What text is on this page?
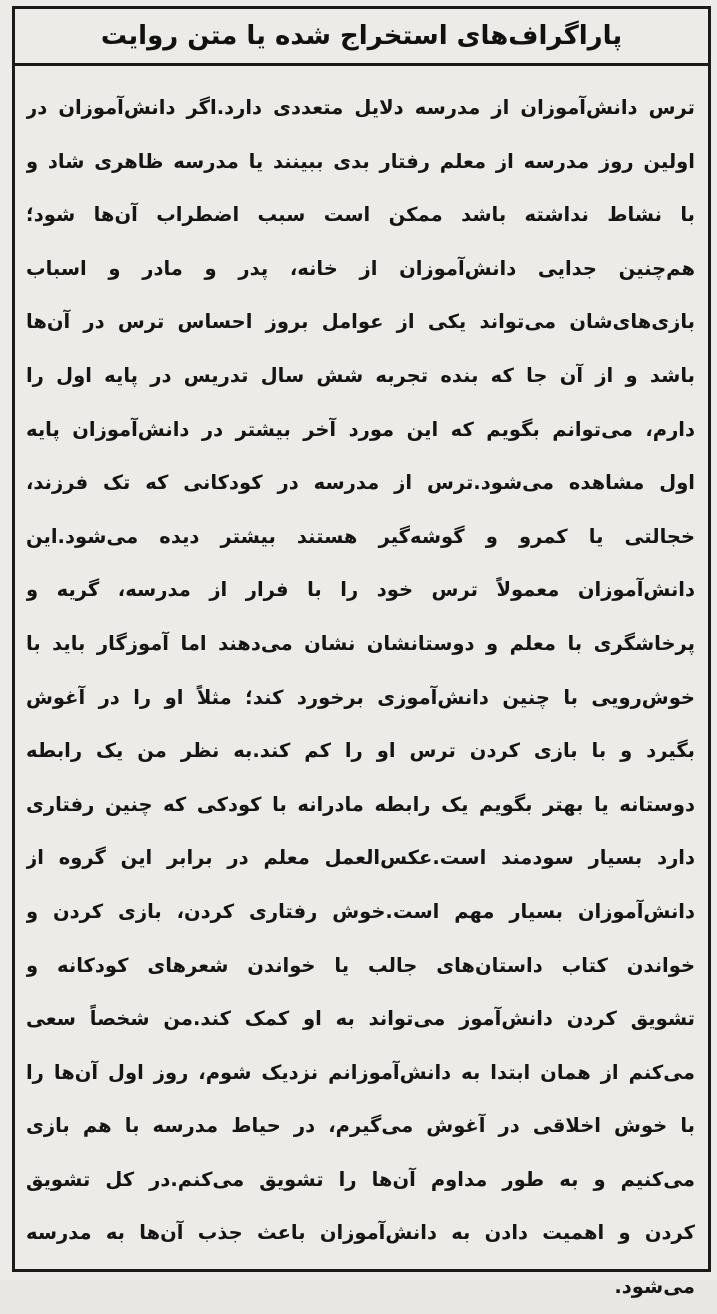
پاراگراف‌های استخراج شده یا متن روایت
ترس دانش‌آموزان از مدرسه دلایل متعددی دارد.اگر دانش‌آموزان در
اولین روز مدرسه از معلم رفتار بدی ببینند یا مدرسه ظاهری شاد و
با نشاط نداشته باشد ممکن است سبب اضطراب آن‌ها شود؛
هم‌چنین جدایی دانش‌آموزان از خانه، پدر و مادر و اسباب
بازی‌های‌شان می‌تواند یکی از عوامل بروز احساس ترس در آن‌ها
باشد و از آن جا که بنده تجربه شش سال تدریس در پایه اول را
دارم، می‌توانم بگویم که این مورد آخر بیشتر در دانش‌آموزان پایه
اول مشاهده می‌شود.ترس از مدرسه در کودکانی که تک فرزند،
خجالتی یا کمرو و گوشه‌گیر هستند بیشتر دیده می‌شود.این
دانش‌آموزان معمولاً ترس خود را با فرار از مدرسه، گریه و
پرخاشگری با معلم و دوستانشان نشان می‌دهند اما آموزگار باید با
خوش‌رویی با چنین دانش‌آموزی برخورد کند؛ مثلاً او را در آغوش
بگیرد و با بازی کردن ترس او را کم کند.به نظر من یک رابطه
دوستانه یا بهتر بگویم یک رابطه مادرانه با کودکی که چنین رفتاری
دارد بسیار سودمند است.عکس‌العمل معلم در برابر این گروه از
دانش‌آموزان بسیار مهم است.خوش رفتاری کردن، بازی کردن و
خواندن کتاب داستان‌های جالب یا خواندن شعرهای کودکانه و
تشویق کردن دانش‌آموز می‌تواند به او کمک کند.من شخصاً سعی
می‌کنم از همان ابتدا به دانش‌آموزانم نزدیک شوم، روز اول آن‌ها را
با خوش اخلاقی در آغوش می‌گیرم، در حیاط مدرسه با هم بازی
می‌کنیم و به طور مداوم آن‌ها را تشویق می‌کنم.در کل تشویق
کردن و اهمیت دادن به دانش‌آموزان باعث جذب آن‌ها به مدرسه
می‌شود.
